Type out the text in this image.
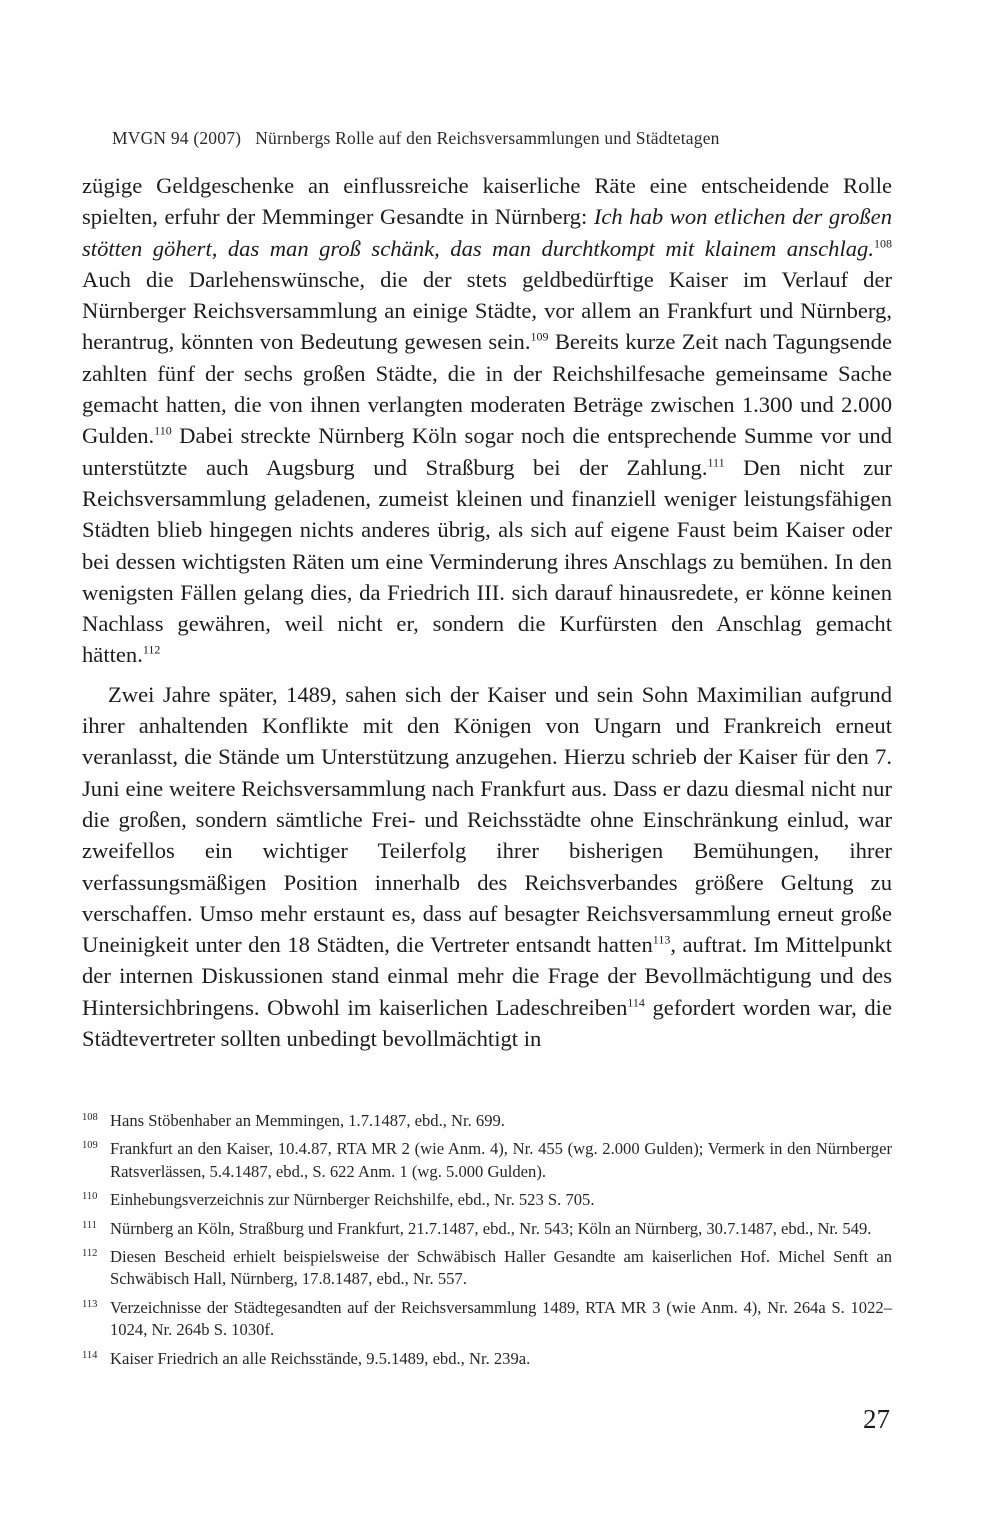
MVGN 94 (2007) Nürnbergs Rolle auf den Reichsversammlungen und Städtetagen

zügige Geldgeschenke an einflussreiche kaiserliche Räte eine entscheidende Rolle spielten, erfuhr der Memminger Gesandte in Nürnberg: Ich hab won etlichen der großen stötten göhert, das man groß schänk, das man durchtkompt mit klainem anschlag.$^{108}$ Auch die Darlehenswünsche, die der stets geldbedürftige Kaiser im Verlauf der Nürnberger Reichsversammlung an einige Städte, vor allem an Frankfurt und Nürnberg, herantrug, könnten von Bedeutung gewesen sein.$^{109}$ Bereits kurze Zeit nach Tagungsende zahlten fünf der sechs großen Städte, die in der Reichshilfesache gemeinsame Sache gemacht hatten, die von ihnen verlangten moderaten Beträge zwischen 1.300 und 2.000 Gulden.$^{110}$ Dabei streckte Nürnberg Köln sogar noch die entsprechende Summe vor und unterstützte auch Augsburg und Straßburg bei der Zahlung.$^{111}$ Den nicht zur Reichsversammlung geladenen, zumeist kleinen und finanziell weniger leistungsfähigen Städten blieb hingegen nichts anderes übrig, als sich auf eigene Faust beim Kaiser oder bei dessen wichtigsten Räten um eine Verminderung ihres Anschlags zu bemühen. In den wenigsten Fällen gelang dies, da Friedrich III. sich darauf hinausredete, er könne keinen Nachlass gewähren, weil nicht er, sondern die Kurfürsten den Anschlag gemacht hätten.$^{112}$

Zwei Jahre später, 1489, sahen sich der Kaiser und sein Sohn Maximilian aufgrund ihrer anhaltenden Konflikte mit den Königen von Ungarn und Frankreich erneut veranlasst, die Stände um Unterstützung anzugehen. Hierzu schrieb der Kaiser für den 7. Juni eine weitere Reichsversammlung nach Frankfurt aus. Dass er dazu diesmal nicht nur die großen, sondern sämtliche Frei- und Reichsstädte ohne Einschränkung einlud, war zweifellos ein wichtiger Teilerfolg ihrer bisherigen Bemühungen, ihrer verfassungsmäßigen Position innerhalb des Reichsverbandes größere Geltung zu verschaffen. Umso mehr erstaunt es, dass auf besagter Reichsversammlung erneut große Uneinigkeit unter den 18 Städten, die Vertreter entsandt hatten$^{113}$, auftrat. Im Mittelpunkt der internen Diskussionen stand einmal mehr die Frage der Bevollmächtigung und des Hintersichbringens. Obwohl im kaiserlichen Ladeschreiben$^{114}$ gefordert worden war, die Städtevertreter sollten unbedingt bevollmächtigt in

108 Hans Stöbenhaber an Memmingen, 1.7.1487, ebd., Nr. 699.
109 Frankfurt an den Kaiser, 10.4.87, RTA MR 2 (wie Anm. 4), Nr. 455 (wg. 2.000 Gulden); Vermerk in den Nürnberger Ratsverlässen, 5.4.1487, ebd., S. 622 Anm. 1 (wg. 5.000 Gulden).
110 Einhebungsverzeichnis zur Nürnberger Reichshilfe, ebd., Nr. 523 S. 705.
111 Nürnberg an Köln, Straßburg und Frankfurt, 21.7.1487, ebd., Nr. 543; Köln an Nürnberg, 30.7.1487, ebd., Nr. 549.
112 Diesen Bescheid erhielt beispielsweise der Schwäbisch Haller Gesandte am kaiserlichen Hof. Michel Senft an Schwäbisch Hall, Nürnberg, 17.8.1487, ebd., Nr. 557.
113 Verzeichnisse der Städtegesandten auf der Reichsversammlung 1489, RTA MR 3 (wie Anm. 4), Nr. 264a S. 1022–1024, Nr. 264b S. 1030f.
114 Kaiser Friedrich an alle Reichsstände, 9.5.1489, ebd., Nr. 239a.
27
